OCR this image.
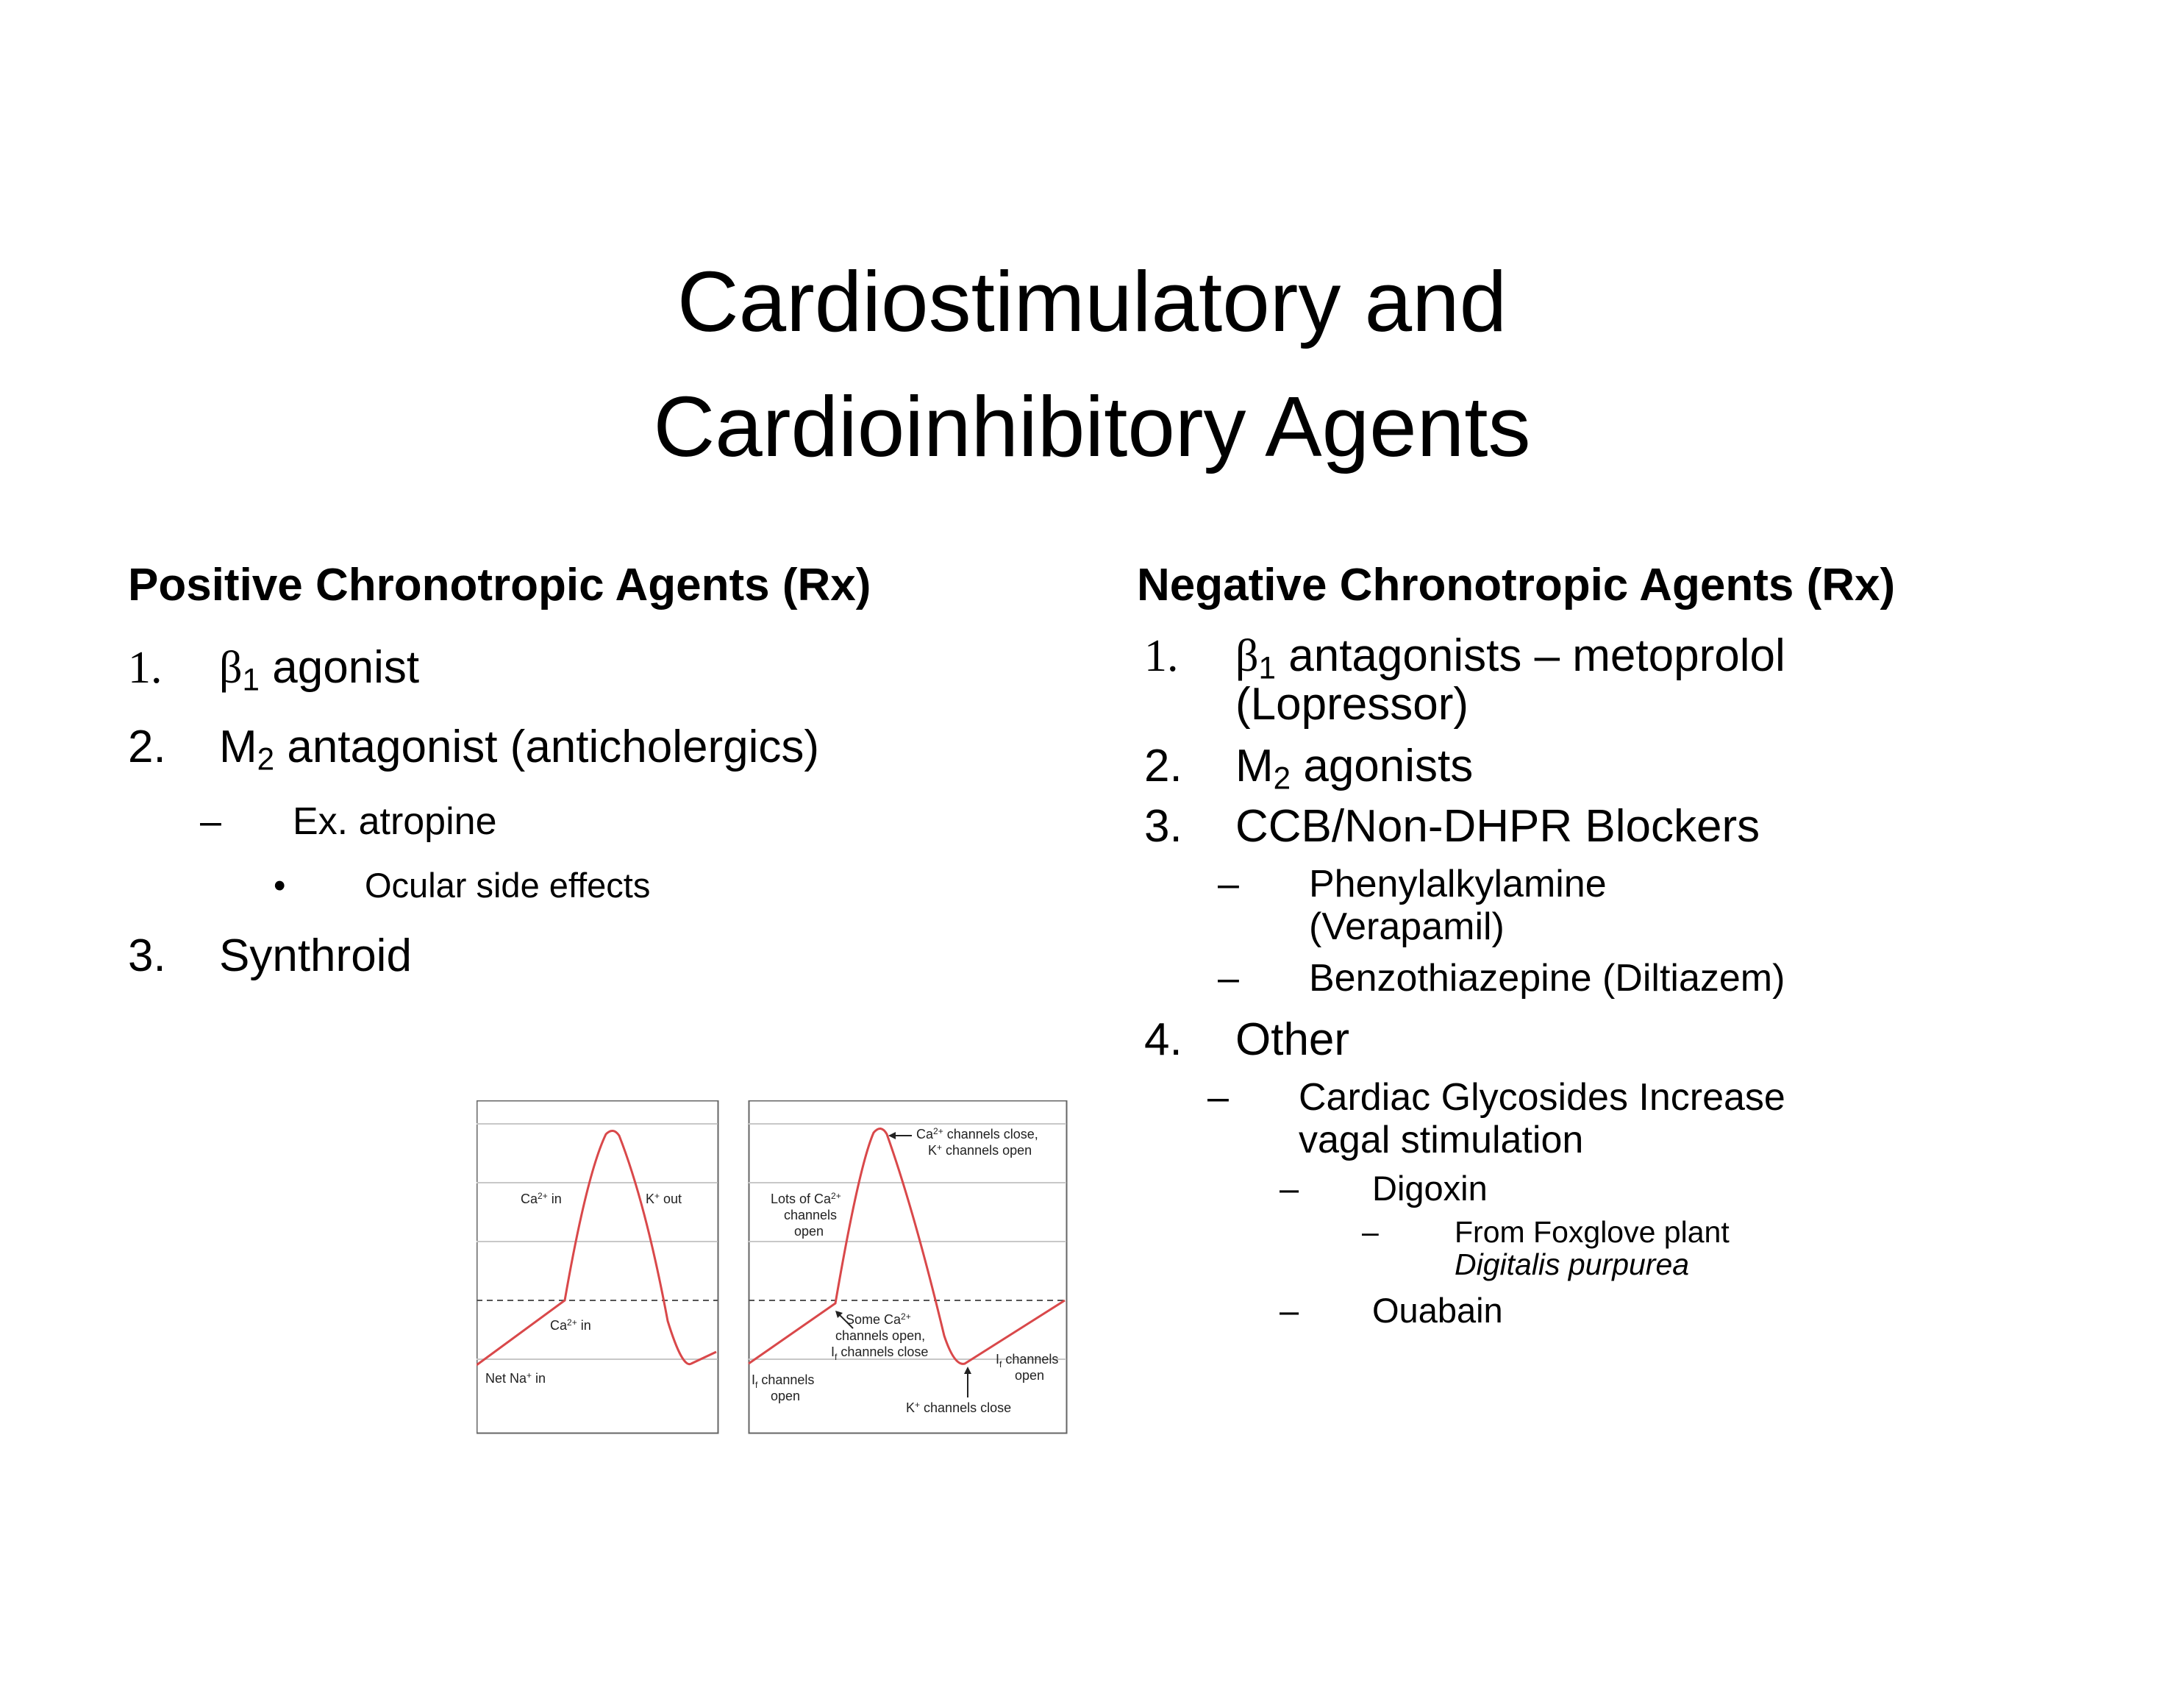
Cardiostimulatory and
Cardioinhibitory Agents
Positive Chronotropic Agents (Rx)
1. $\beta_1$ agonist
2. $M_2$ antagonist (anticholergics)
– Ex. atropine
• Ocular side effects
3. Synthroid
Negative Chronotropic Agents (Rx)
1. $\beta_1$ antagonists – metoprolol
(Lopressor)
2. $M_2$ agonists
3. CCB/Non-DHPR Blockers
– Phenylalkylamine
(Verapamil)
– Benzothiazepine (Diltiazem)
4. Other
– Cardiac Glycosides Increase
vagal stimulation
– Digoxin
–	From Foxglove plant
Digitalis purpurea
– Ouabain
$Ca^{2+}$ in	K+ out
$Ca^{2+}$ in
Net Na+ in
$Ca^{2+}$ channels close,
K+ channels open
Lots of $Ca^{2+}$
channels
open
Some $Ca^{2+}$
channels open,
$I_f$ channels close
$I_f$ channels
open
$I_f$ channels
open
K+ channels close
